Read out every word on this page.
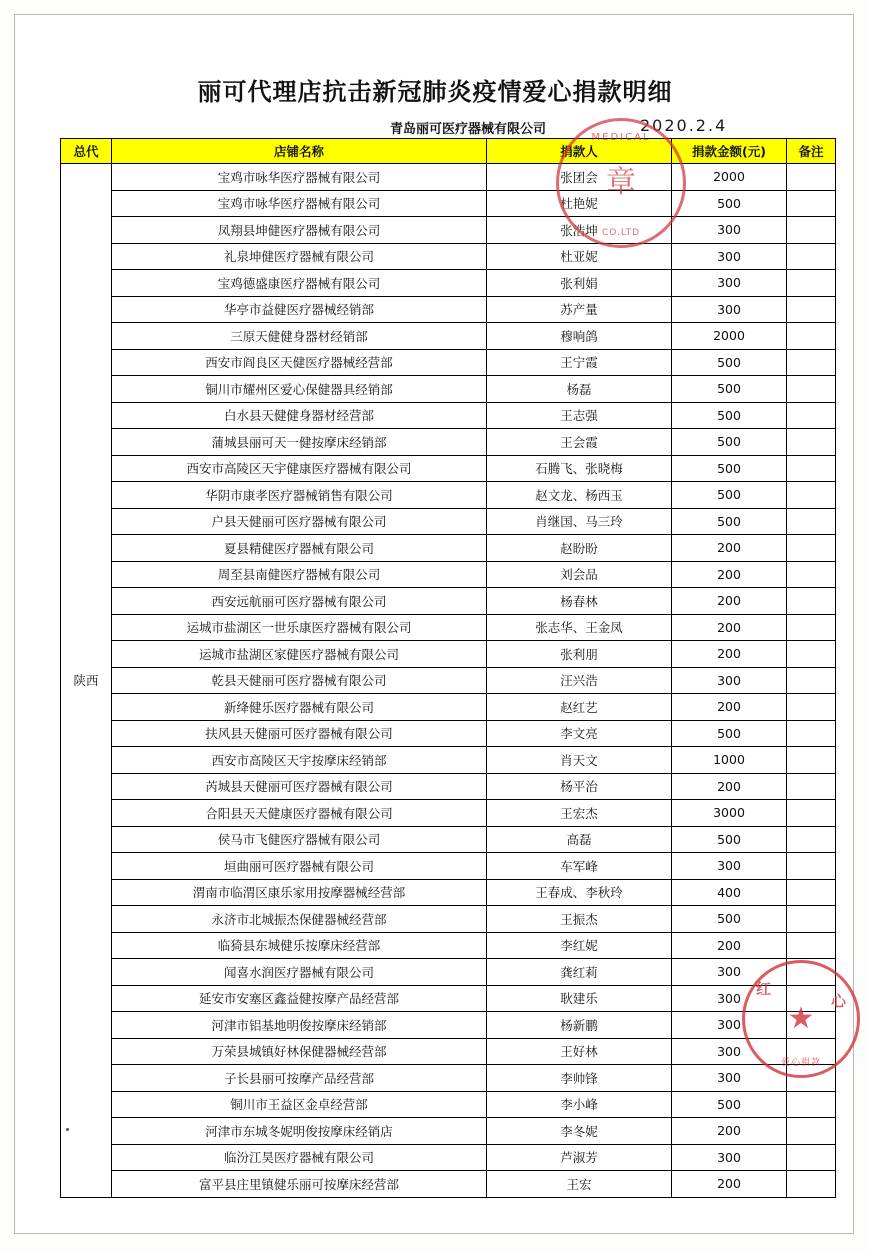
丽可代理店抗击新冠肺炎疫情爱心捐款明细
青岛丽可医疗器械有限公司	2020.2.4
总代	店铺名称	捐款人	捐款金额(元)	备注
陕西	宝鸡市咏华医疗器械有限公司	张团会	2000	
	宝鸡市咏华医疗器械有限公司	杜艳妮	500	
	凤翔县坤健医疗器械有限公司	张浩坤	300	
	礼泉坤健医疗器械有限公司	杜亚妮	300	
	宝鸡德盛康医疗器械有限公司	张利娟	300	
	华亭市益健医疗器械经销部	苏产量	300	
	三原天健健身器材经销部	穆响鸽	2000	
	西安市阎良区天健医疗器械经营部	王宁霞	500	
	铜川市耀州区爱心保健器具经销部	杨磊	500	
	白水县天健健身器材经营部	王志强	500	
	蒲城县丽可天一健按摩床经销部	王会霞	500	
	西安市高陵区天宇健康医疗器械有限公司	石腾飞、张晓梅	500	
	华阴市康孝医疗器械销售有限公司	赵文龙、杨西玉	500	
	户县天健丽可医疗器械有限公司	肖继国、马三玲	500	
	夏县精健医疗器械有限公司	赵盼盼	200	
	周至县南健医疗器械有限公司	刘会品	200	
	西安远航丽可医疗器械有限公司	杨春林	200	
	运城市盐湖区一世乐康医疗器械有限公司	张志华、王金凤	200	
	运城市盐湖区家健医疗器械有限公司	张利朋	200	
	乾县天健丽可医疗器械有限公司	汪兴浩	300	
	新绛健乐医疗器械有限公司	赵红艺	200	
	扶风县天健丽可医疗器械有限公司	李文亮	500	
	西安市高陵区天宇按摩床经销部	肖天文	1000	
	芮城县天健丽可医疗器械有限公司	杨平治	200	
	合阳县天天健康医疗器械有限公司	王宏杰	3000	
	侯马市飞健医疗器械有限公司	高磊	500	
	垣曲丽可医疗器械有限公司	车军峰	300	
	渭南市临渭区康乐家用按摩器械经营部	王春成、李秋玲	400	
	永济市北城振杰保健器械经营部	王振杰	500	
	临猗县东城健乐按摩床经营部	李红妮	200	
	闻喜水润医疗器械有限公司	龚红莉	300	
	延安市安塞区鑫益健按摩产品经营部	耿建乐	300	
	河津市铝基地明俊按摩床经销部	杨新鹏	300	
	万荣县城镇好林保健器械经营部	王好林	300	
	子长县丽可按摩产品经营部	李帅锋	300	
	铜川市王益区金卓经营部	李小峰	500	
	河津市东城冬妮明俊按摩床经销店	李冬妮	200	
	临汾江昊医疗器械有限公司	芦淑芳	300	
	富平县庄里镇健乐丽可按摩床经营部	王宏	200	
MEDICAL
章
CO.LTD
红
心
★
爱心捐款
